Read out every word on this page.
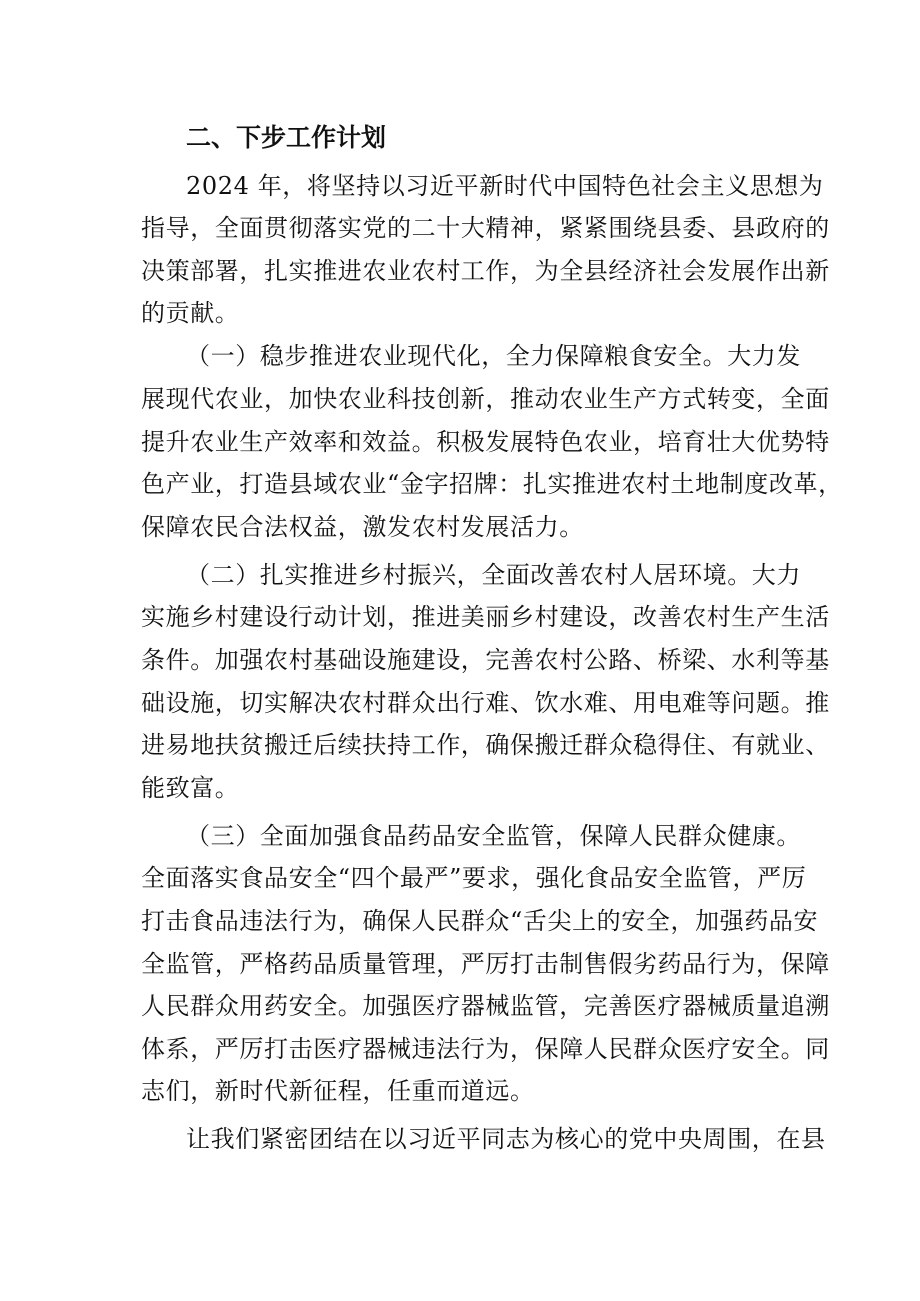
二、下步工作计划
2024 年，将坚持以习近平新时代中国特色社会主义思想为
指导，全面贯彻落实党的二十大精神，紧紧围绕县委、县政府的
决策部署，扎实推进农业农村工作，为全县经济社会发展作出新
的贡献。
（一）稳步推进农业现代化，全力保障粮食安全。大力发
展现代农业，加快农业科技创新，推动农业生产方式转变，全面
提升农业生产效率和效益。积极发展特色农业，培育壮大优势特
色产业，打造县域农业“金字招牌：扎实推进农村土地制度改革，
保障农民合法权益，激发农村发展活力。
（二）扎实推进乡村振兴，全面改善农村人居环境。大力
实施乡村建设行动计划，推进美丽乡村建设，改善农村生产生活
条件。加强农村基础设施建设，完善农村公路、桥梁、水利等基
础设施，切实解决农村群众出行难、饮水难、用电难等问题。推
进易地扶贫搬迁后续扶持工作，确保搬迁群众稳得住、有就业、
能致富。
（三）全面加强食品药品安全监管，保障人民群众健康。
全面落实食品安全“四个最严”要求，强化食品安全监管，严厉
打击食品违法行为，确保人民群众“舌尖上的安全，加强药品安
全监管，严格药品质量管理，严厉打击制售假劣药品行为，保障
人民群众用药安全。加强医疗器械监管，完善医疗器械质量追溯
体系，严厉打击医疗器械违法行为，保障人民群众医疗安全。同
志们，新时代新征程，任重而道远。
让我们紧密团结在以习近平同志为核心的党中央周围，在县
